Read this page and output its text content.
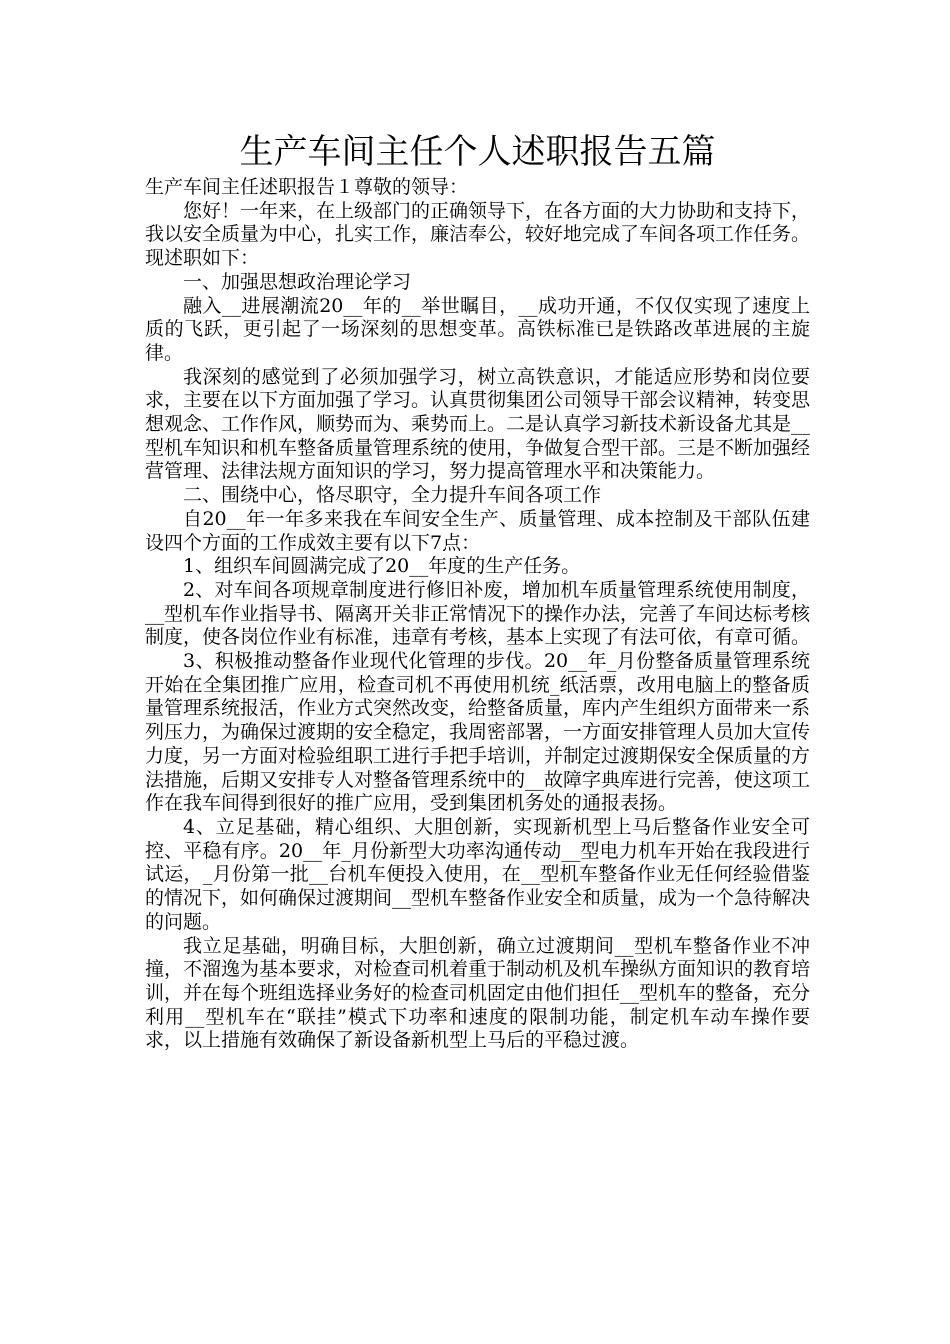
生产车间主任个人述职报告五篇

生产车间主任述职报告１尊敬的领导：

您好！一年来，在上级部门的正确领导下，在各方面的大力协助和支持下，我以安全质量为中心，扎实工作，廉洁奉公，较好地完成了车间各项工作任务。现述职如下：

一、加强思想政治理论学习

融入__进展潮流20__年的__举世瞩目，__成功开通，不仅仅实现了速度上质的飞跃，更引起了一场深刻的思想变革。高铁标准已是铁路改革进展的主旋律。

我深刻的感觉到了必须加强学习，树立高铁意识，才能适应形势和岗位要求，主要在以下方面加强了学习。认真贯彻集团公司领导干部会议精神，转变思想观念、工作作风，顺势而为、乘势而上。二是认真学习新技术新设备尤其是__型机车知识和机车整备质量管理系统的使用，争做复合型干部。三是不断加强经营管理、法律法规方面知识的学习，努力提高管理水平和决策能力。

二、围绕中心，恪尽职守，全力提升车间各项工作

自20__年一年多来我在车间安全生产、质量管理、成本控制及干部队伍建设四个方面的工作成效主要有以下7点：

1、组织车间圆满完成了20__年度的生产任务。

2、对车间各项规章制度进行修旧补废，增加机车质量管理系统使用制度，__型机车作业指导书、隔离开关非正常情况下的操作办法，完善了车间达标考核制度，使各岗位作业有标准，违章有考核，基本上实现了有法可依，有章可循。

3、积极推动整备作业现代化管理的步伐。20__年_月份整备质量管理系统开始在全集团推广应用，检查司机不再使用机统_纸活票，改用电脑上的整备质量管理系统报活，作业方式突然改变，给整备质量，库内产生组织方面带来一系列压力，为确保过渡期的安全稳定，我周密部署，一方面安排管理人员加大宣传力度，另一方面对检验组职工进行手把手培训，并制定过渡期保安全保质量的方法措施，后期又安排专人对整备管理系统中的__故障字典库进行完善，使这项工作在我车间得到很好的推广应用，受到集团机务处的通报表扬。

4、立足基础，精心组织、大胆创新，实现新机型上马后整备作业安全可控、平稳有序。20__年_月份新型大功率沟通传动__型电力机车开始在我段进行试运，_月份第一批__台机车便投入使用，在__型机车整备作业无任何经验借鉴的情况下，如何确保过渡期间__型机车整备作业安全和质量，成为一个急待解决的问题。

我立足基础，明确目标，大胆创新，确立过渡期间__型机车整备作业不冲撞，不溜逸为基本要求，对检查司机着重于制动机及机车操纵方面知识的教育培训，并在每个班组选择业务好的检查司机固定由他们担任__型机车的整备，充分利用__型机车在“联挂”模式下功率和速度的限制功能，制定机车动车操作要求，以上措施有效确保了新设备新机型上马后的平稳过渡。
